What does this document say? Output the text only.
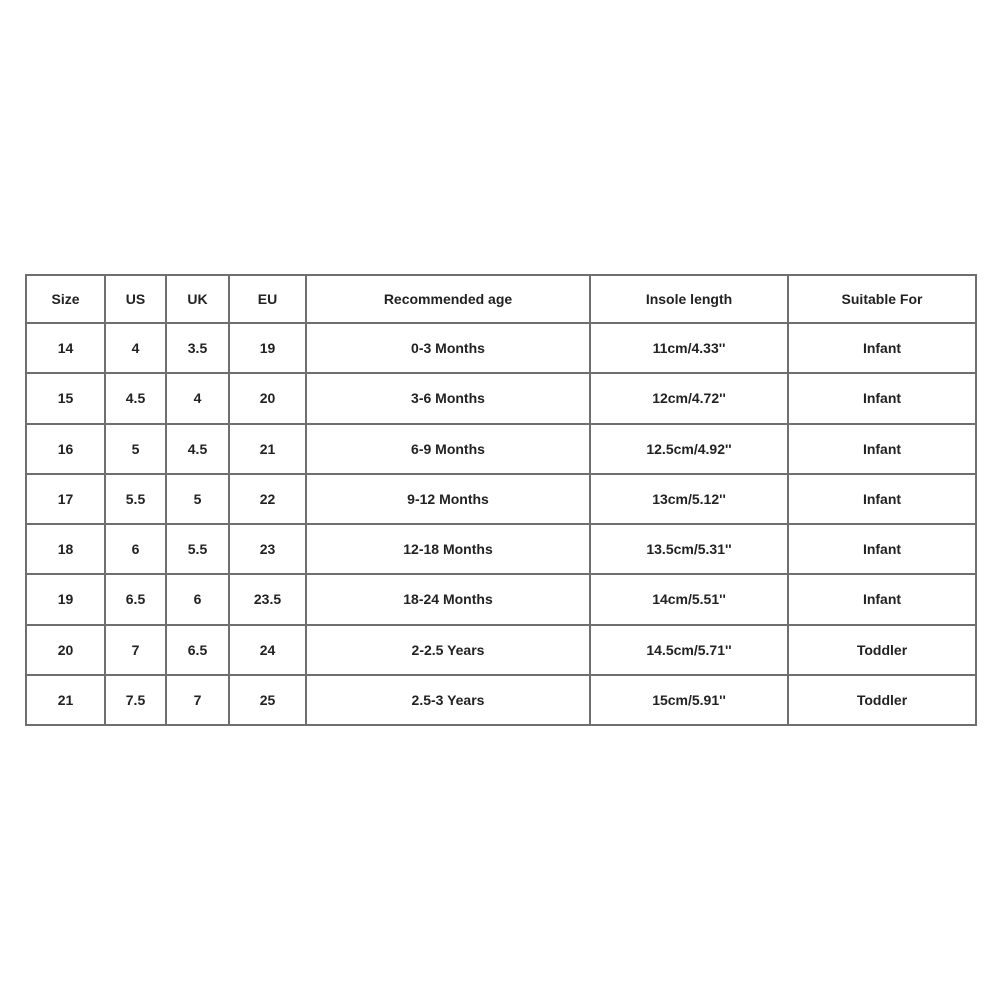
Size	US	UK	EU	Recommended age	Insole length	Suitable For
14	4	3.5	19	0-3 Months	11cm/4.33''	Infant
15	4.5	4	20	3-6 Months	12cm/4.72''	Infant
16	5	4.5	21	6-9 Months	12.5cm/4.92''	Infant
17	5.5	5	22	9-12 Months	13cm/5.12''	Infant
18	6	5.5	23	12-18 Months	13.5cm/5.31''	Infant
19	6.5	6	23.5	18-24 Months	14cm/5.51''	Infant
20	7	6.5	24	2-2.5 Years	14.5cm/5.71''	Toddler
21	7.5	7	25	2.5-3 Years	15cm/5.91''	Toddler
